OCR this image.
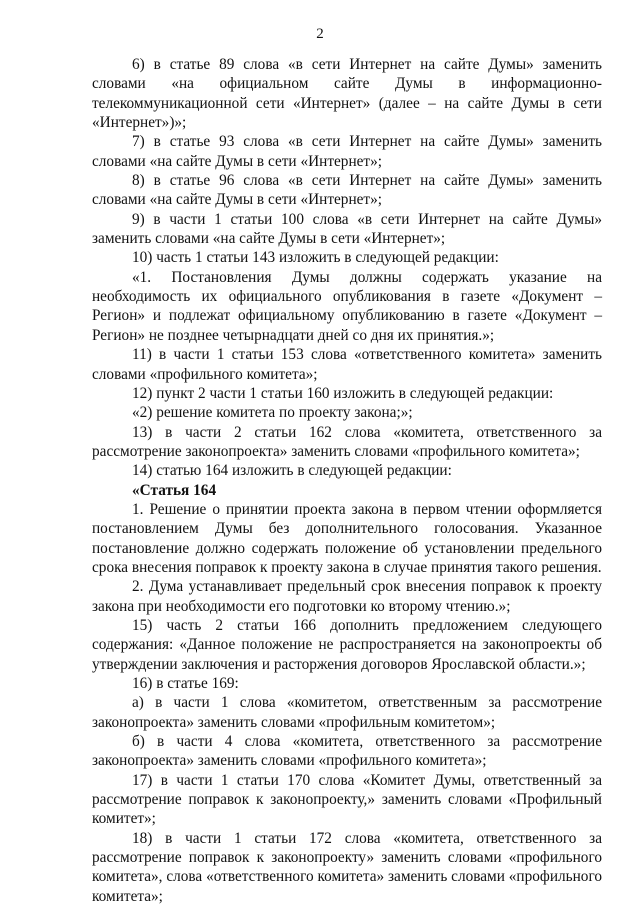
2

6) в статье 89 слова «в сети Интернет на сайте Думы» заменить словами «на официальном сайте Думы в информационно-телекоммуникационной сети «Интернет» (далее – на сайте Думы в сети «Интернет»)»;

7) в статье 93 слова «в сети Интернет на сайте Думы» заменить словами «на сайте Думы в сети «Интернет»;

8) в статье 96 слова «в сети Интернет на сайте Думы» заменить словами «на сайте Думы в сети «Интернет»;

9) в части 1 статьи 100 слова «в сети Интернет на сайте Думы» заменить словами «на сайте Думы в сети «Интернет»;

10) часть 1 статьи 143 изложить в следующей редакции:

«1. Постановления Думы должны содержать указание на необходимость их официального опубликования в газете «Документ – Регион» и подлежат официальному опубликованию в газете «Документ – Регион» не позднее четырнадцати дней со дня их принятия.»;

11) в части 1 статьи 153 слова «ответственного комитета» заменить словами «профильного комитета»;

12) пункт 2 части 1 статьи 160 изложить в следующей редакции:

«2) решение комитета по проекту закона;»;

13) в части 2 статьи 162 слова «комитета, ответственного за рассмотрение законопроекта» заменить словами «профильного комитета»;

14) статью 164 изложить в следующей редакции:

«Статья 164

1. Решение о принятии проекта закона в первом чтении оформляется постановлением Думы без дополнительного голосования. Указанное постановление должно содержать положение об установлении предельного срока внесения поправок к проекту закона в случае принятия такого решения.

2. Дума устанавливает предельный срок внесения поправок к проекту закона при необходимости его подготовки ко второму чтению.»;

15) часть 2 статьи 166 дополнить предложением следующего содержания: «Данное положение не распространяется на законопроекты об утверждении заключения и расторжения договоров Ярославской области.»;

16) в статье 169:

а) в части 1 слова «комитетом, ответственным за рассмотрение законопроекта» заменить словами «профильным комитетом»;

б) в части 4 слова «комитета, ответственного за рассмотрение законопроекта» заменить словами «профильного комитета»;

17) в части 1 статьи 170 слова «Комитет Думы, ответственный за рассмотрение поправок к законопроекту,» заменить словами «Профильный комитет»;

18) в части 1 статьи 172 слова «комитета, ответственного за рассмотрение поправок к законопроекту» заменить словами «профильного комитета», слова «ответственного комитета» заменить словами «профильного комитета»;
